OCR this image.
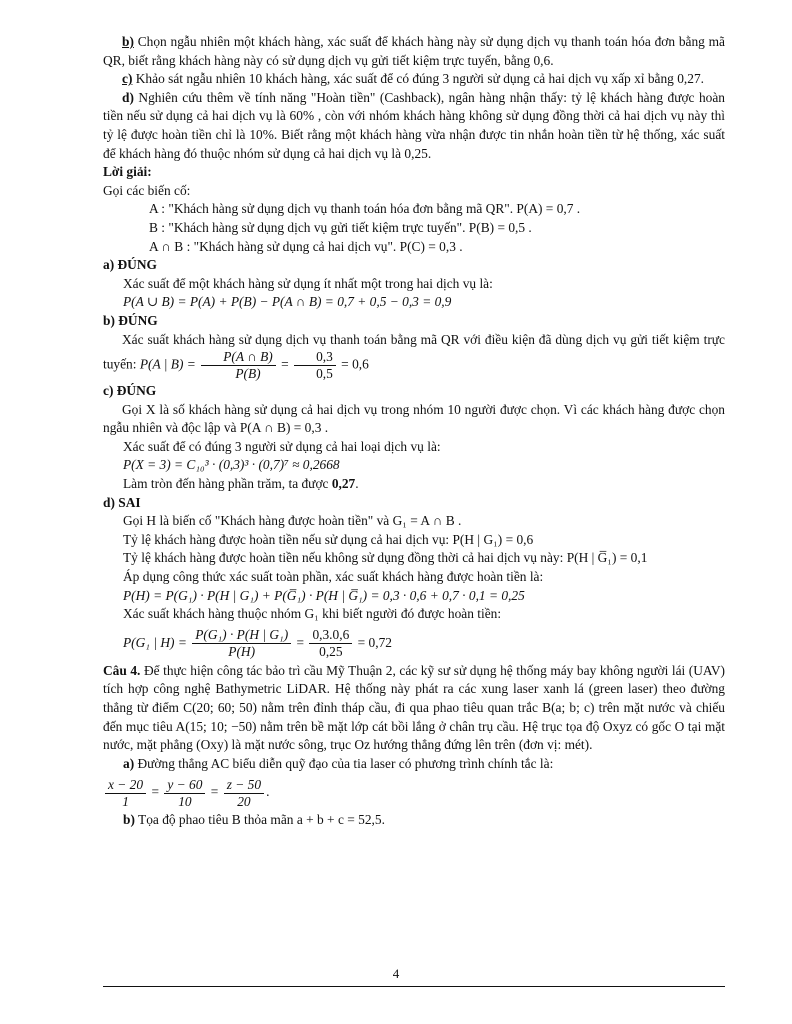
b) Chọn ngẫu nhiên một khách hàng, xác suất để khách hàng này sử dụng dịch vụ thanh toán hóa đơn bằng mã QR, biết rằng khách hàng này có sử dụng dịch vụ gửi tiết kiệm trực tuyến, bằng 0,6.

c) Khảo sát ngẫu nhiên 10 khách hàng, xác suất để có đúng 3 người sử dụng cả hai dịch vụ xấp xỉ bằng 0,27.

d) Nghiên cứu thêm về tính năng "Hoàn tiền" (Cashback), ngân hàng nhận thấy: tỷ lệ khách hàng được hoàn tiền nếu sử dụng cả hai dịch vụ là 60% , còn với nhóm khách hàng không sử dụng đồng thời cả hai dịch vụ này thì tỷ lệ được hoàn tiền chỉ là 10%. Biết rằng một khách hàng vừa nhận được tin nhắn hoàn tiền từ hệ thống, xác suất để khách hàng đó thuộc nhóm sử dụng cả hai dịch vụ là 0,25.

Lời giải:

Gọi các biến cố:

A : "Khách hàng sử dụng dịch vụ thanh toán hóa đơn bằng mã QR". P(A) = 0,7 .

B : "Khách hàng sử dụng dịch vụ gửi tiết kiệm trực tuyến". P(B) = 0,5 .

A ∩ B : "Khách hàng sử dụng cả hai dịch vụ". P(C) = 0,3 .

a) ĐÚNG

Xác suất để một khách hàng sử dụng ít nhất một trong hai dịch vụ là:

P(A ∪ B) = P(A) + P(B) − P(A ∩ B) = 0,7 + 0,5 − 0,3 = 0,9

b) ĐÚNG

Xác suất khách hàng sử dụng dịch vụ thanh toán bằng mã QR với điều kiện đã dùng dịch vụ gửi tiết kiệm trực tuyến: P(A | $B) = \frac{P(A \cap B)}{P(B)} = \frac{0,3}{0,5} = 0,6$

c) ĐÚNG

Gọi X là số khách hàng sử dụng cả hai dịch vụ trong nhóm 10 người được chọn. Vì các khách hàng được chọn ngẫu nhiên và độc lập và P(A ∩ B) = 0,3 .

Xác suất để có đúng 3 người sử dụng cả hai loại dịch vụ là:

P(X = 3) = C₁₀³ · (0,3)³ · (0,7)⁷ ≈ 0,2668

Làm tròn đến hàng phần trăm, ta được 0,27.

d) SAI

Gọi H là biến cố "Khách hàng được hoàn tiền" và G₁ = A ∩ B .

Tỷ lệ khách hàng được hoàn tiền nếu sử dụng cả hai dịch vụ: P(H | G₁) = 0,6

Tỷ lệ khách hàng được hoàn tiền nếu không sử dụng đồng thời cả hai dịch vụ này: P(H | G̅₁) = 0,1

Áp dụng công thức xác suất toàn phần, xác suất khách hàng được hoàn tiền là:

P(H) = P(G₁) · P(H | G₁) + P(G̅₁) · P(H | G̅₁) = 0,3 · 0,6 + 0,7 · 0,1 = 0,25

Xác suất khách hàng thuộc nhóm G₁ khi biết người đó được hoàn tiền:

P(G₁ | $H) = \frac{\text{P(G₁) · P(H | G₁)}}{P(H)} = \frac{0,3.0,6}{0,25} = 0,72$

Câu 4. Để thực hiện công tác bảo trì cầu Mỹ Thuận 2, các kỹ sư sử dụng hệ thống máy bay không người lái (UAV) tích hợp công nghệ Bathymetric LiDAR. Hệ thống này phát ra các xung laser xanh lá (green laser) theo đường thẳng từ điểm C(20; 60; 50) nằm trên đỉnh tháp cầu, đi qua phao tiêu quan trắc B(a; b; c) trên mặt nước và chiếu đến mục tiêu A(15; 10; −50) nằm trên bề mặt lớp cát bồi lắng ở chân trụ cầu. Hệ trục tọa độ Oxyz có gốc O tại mặt nước, mặt phẳng (Oxy) là mặt nước sông, trục Oz hướng thẳng đứng lên trên (đơn vị: mét).

a) Đường thẳng AC biểu diễn quỹ đạo của tia laser có phương trình chính tắc là:

$\frac{x - 20}{1} = \frac{y - 60}{10} = \frac{z - 50}{20}$ .

b) Tọa độ phao tiêu B thỏa mãn a + b + c = 52,5.

4
